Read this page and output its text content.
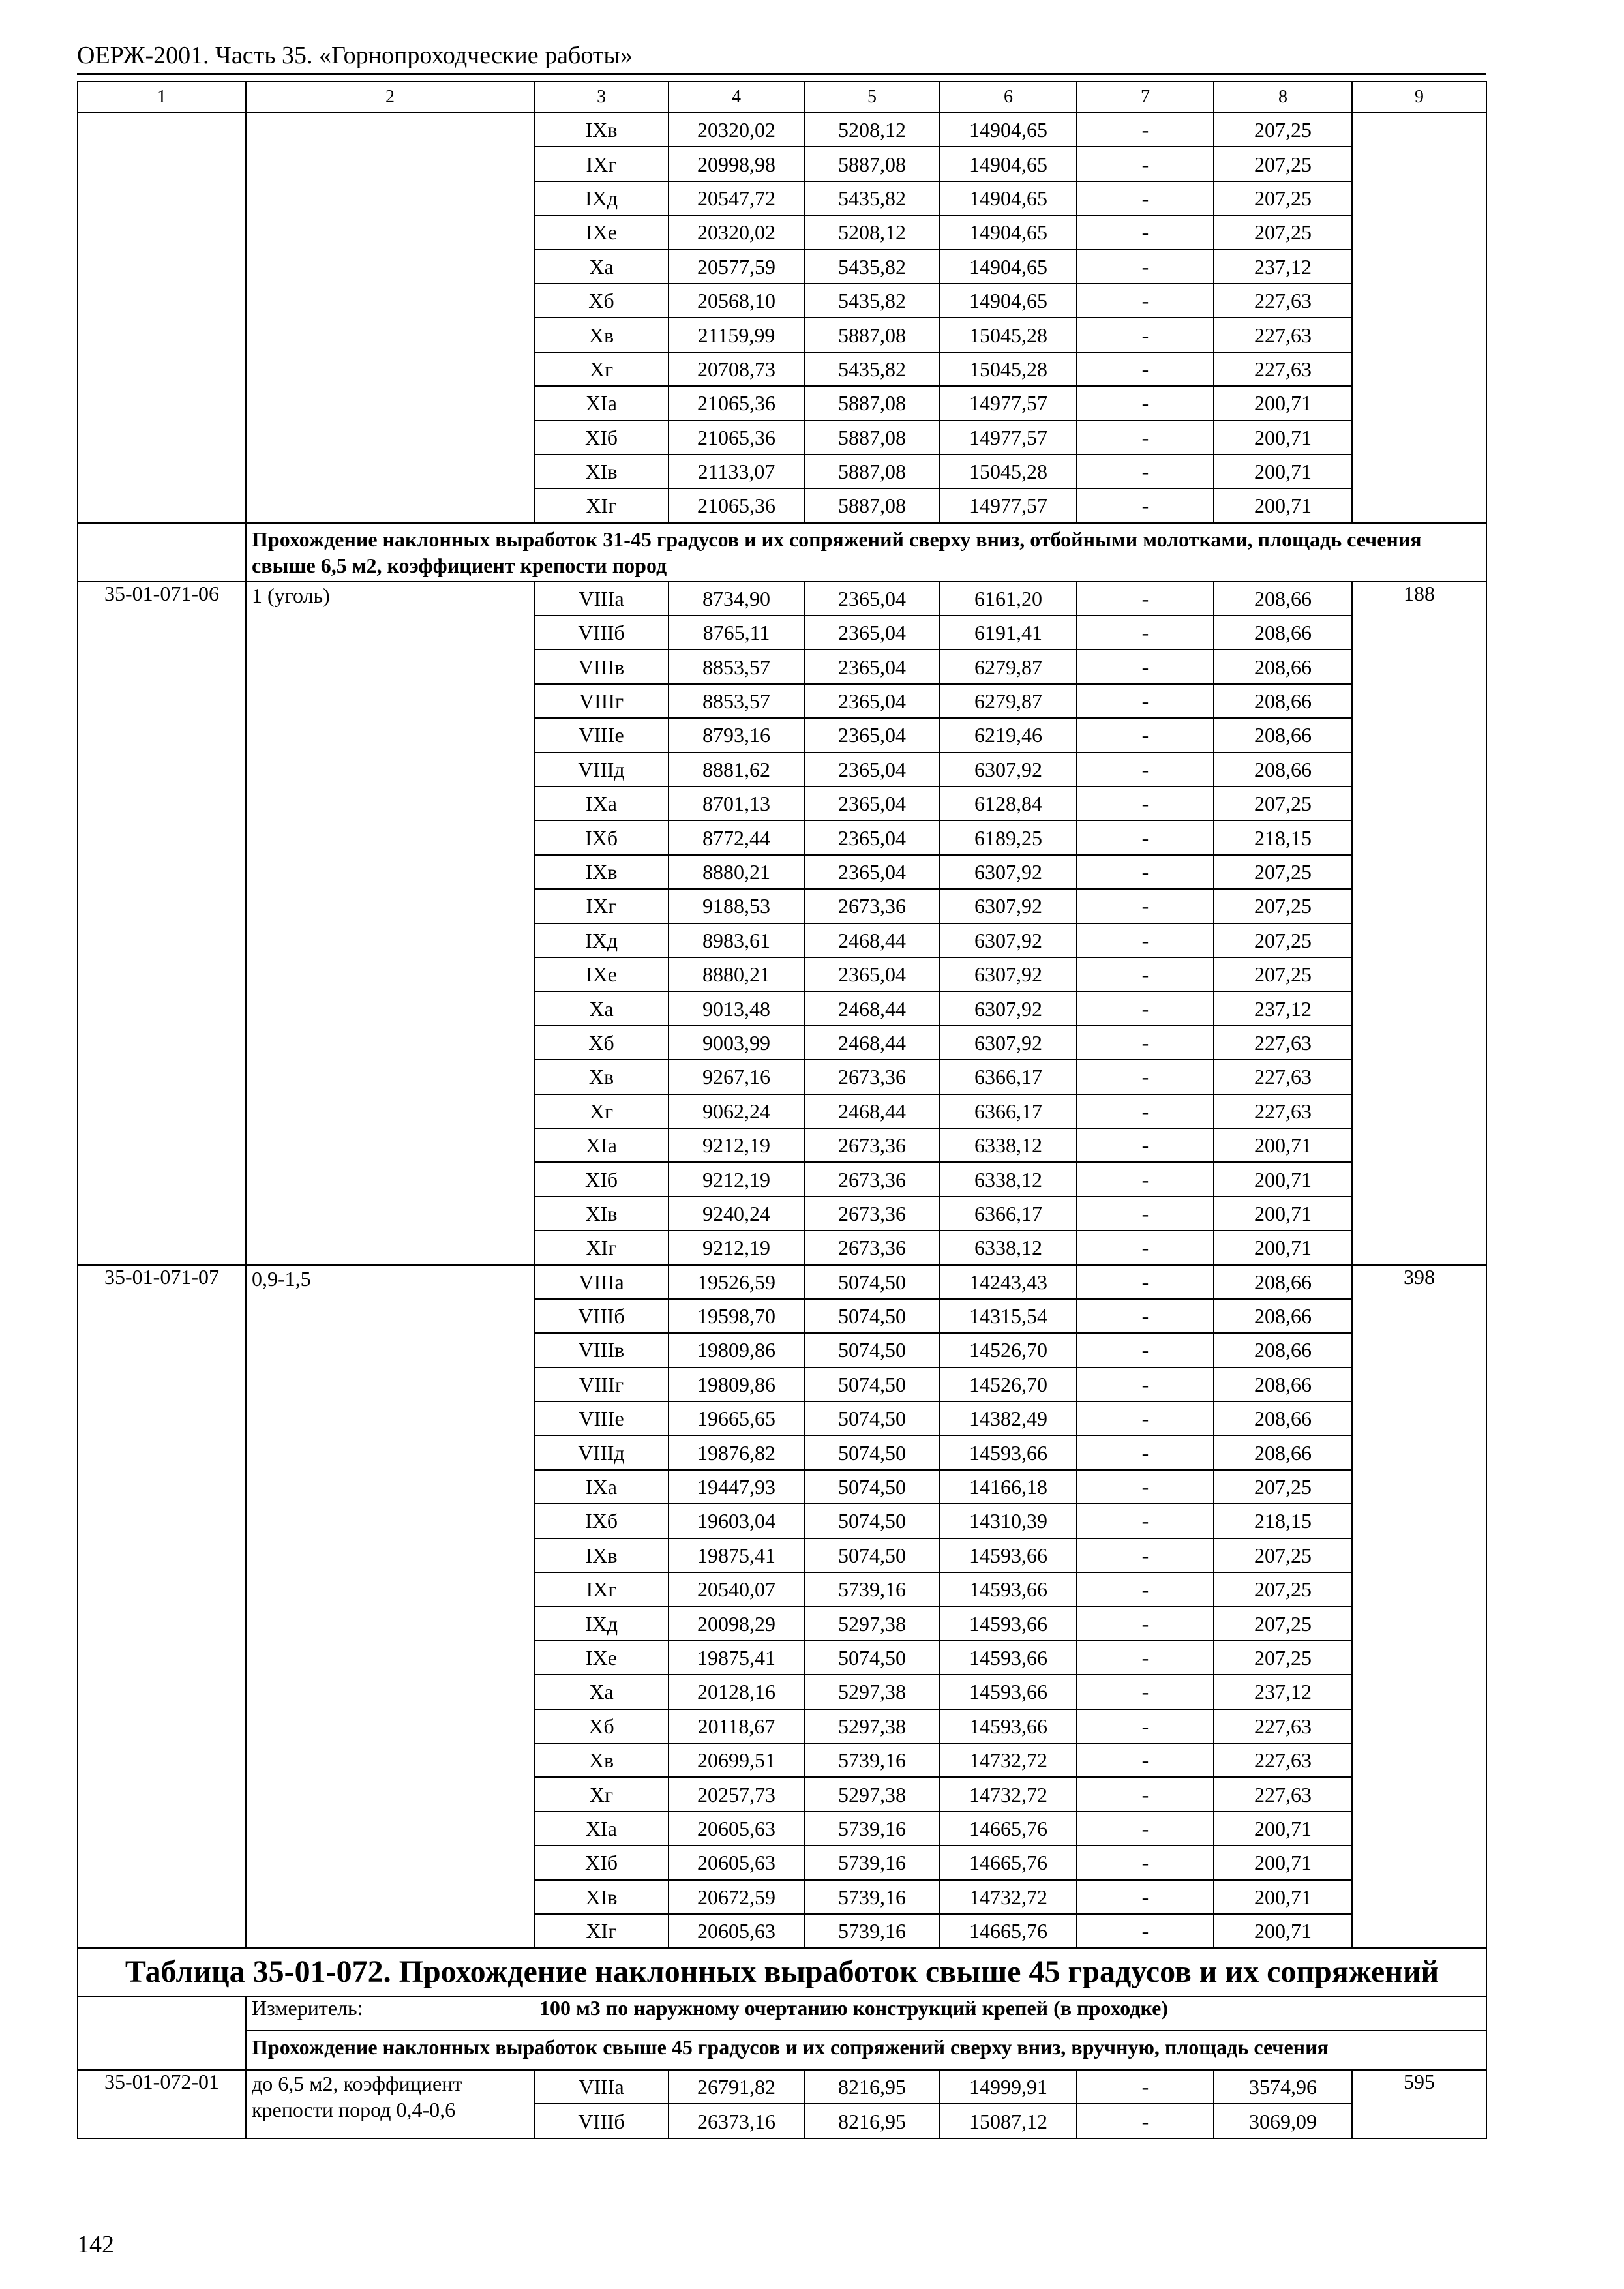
ОЕРЖ-2001. Часть 35. «Горнопроходческие работы»
1	2	3	4	5	6	7	8	9
		IXв	20320,02	5208,12	14904,65	-	207,25	
		IXг	20998,98	5887,08	14904,65	-	207,25	
		IXд	20547,72	5435,82	14904,65	-	207,25	
		IXе	20320,02	5208,12	14904,65	-	207,25	
		Xа	20577,59	5435,82	14904,65	-	237,12	
		Xб	20568,10	5435,82	14904,65	-	227,63	
		Xв	21159,99	5887,08	15045,28	-	227,63	
		Xг	20708,73	5435,82	15045,28	-	227,63	
		XIа	21065,36	5887,08	14977,57	-	200,71	
		XIб	21065,36	5887,08	14977,57	-	200,71	
		XIв	21133,07	5887,08	15045,28	-	200,71	
		XIг	21065,36	5887,08	14977,57	-	200,71	
	Прохождение наклонных выработок 31-45 градусов и их сопряжений сверху вниз, отбойными молотками, площадь сечения свыше 6,5 м2, коэффициент крепости пород							
35-01-071-06	1 (уголь)	VIIIа	8734,90	2365,04	6161,20	-	208,66	188
		VIIIб	8765,11	2365,04	6191,41	-	208,66	
		VIIIв	8853,57	2365,04	6279,87	-	208,66	
		VIIIг	8853,57	2365,04	6279,87	-	208,66	
		VIIIе	8793,16	2365,04	6219,46	-	208,66	
		VIIIд	8881,62	2365,04	6307,92	-	208,66	
		IXа	8701,13	2365,04	6128,84	-	207,25	
		IXб	8772,44	2365,04	6189,25	-	218,15	
		IXв	8880,21	2365,04	6307,92	-	207,25	
		IXг	9188,53	2673,36	6307,92	-	207,25	
		IXд	8983,61	2468,44	6307,92	-	207,25	
		IXе	8880,21	2365,04	6307,92	-	207,25	
		Xа	9013,48	2468,44	6307,92	-	237,12	
		Xб	9003,99	2468,44	6307,92	-	227,63	
		Xв	9267,16	2673,36	6366,17	-	227,63	
		Xг	9062,24	2468,44	6366,17	-	227,63	
		XIа	9212,19	2673,36	6338,12	-	200,71	
		XIб	9212,19	2673,36	6338,12	-	200,71	
		XIв	9240,24	2673,36	6366,17	-	200,71	
		XIг	9212,19	2673,36	6338,12	-	200,71	
35-01-071-07	0,9-1,5	VIIIа	19526,59	5074,50	14243,43	-	208,66	398
		VIIIб	19598,70	5074,50	14315,54	-	208,66	
		VIIIв	19809,86	5074,50	14526,70	-	208,66	
		VIIIг	19809,86	5074,50	14526,70	-	208,66	
		VIIIе	19665,65	5074,50	14382,49	-	208,66	
		VIIIд	19876,82	5074,50	14593,66	-	208,66	
		IXа	19447,93	5074,50	14166,18	-	207,25	
		IXб	19603,04	5074,50	14310,39	-	218,15	
		IXв	19875,41	5074,50	14593,66	-	207,25	
		IXг	20540,07	5739,16	14593,66	-	207,25	
		IXд	20098,29	5297,38	14593,66	-	207,25	
		IXе	19875,41	5074,50	14593,66	-	207,25	
		Xа	20128,16	5297,38	14593,66	-	237,12	
		Xб	20118,67	5297,38	14593,66	-	227,63	
		Xв	20699,51	5739,16	14732,72	-	227,63	
		Xг	20257,73	5297,38	14732,72	-	227,63	
		XIа	20605,63	5739,16	14665,76	-	200,71	
		XIб	20605,63	5739,16	14665,76	-	200,71	
		XIв	20672,59	5739,16	14732,72	-	200,71	
		XIг	20605,63	5739,16	14665,76	-	200,71	
Таблица 35-01-072. Прохождение наклонных выработок свыше 45 градусов и их сопряжений								
	Измеритель:	100 м3 по наружному очертанию конструкций крепей (в проходке)						
	Прохождение наклонных выработок свыше 45 градусов и их сопряжений сверху вниз, вручную, площадь сечения							
35-01-072-01	до 6,5 м2, коэффициент крепости пород 0,4-0,6	VIIIа	26791,82	8216,95	14999,91	-	3574,96	595
		VIIIб	26373,16	8216,95	15087,12	-	3069,09	
142
